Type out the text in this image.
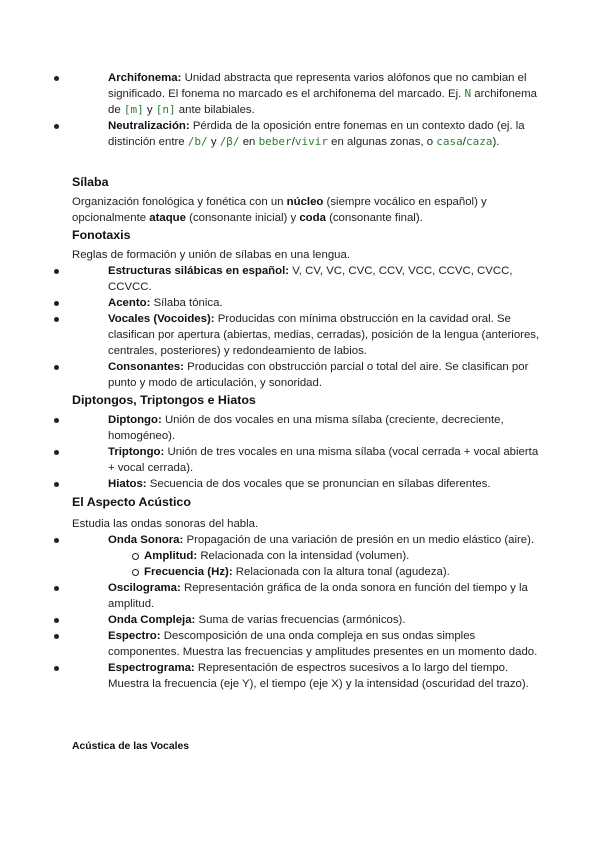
Archifonema: Unidad abstracta que representa varios alófonos que no cambian el significado. El fonema no marcado es el archifonema del marcado. Ej. N archifonema de [m] y [n] ante bilabiales.
Neutralización: Pérdida de la oposición entre fonemas en un contexto dado (ej. la distinción entre /b/ y /β/ en beber/vivir en algunas zonas, o casa/caza).
Sílaba
Organización fonológica y fonética con un núcleo (siempre vocálico en español) y opcionalmente ataque (consonante inicial) y coda (consonante final).
Fonotaxis
Reglas de formación y unión de sílabas en una lengua.
Estructuras silábicas en español: V, CV, VC, CVC, CCV, VCC, CCVC, CVCC, CCVCC.
Acento: Sílaba tónica.
Vocales (Vocoides): Producidas con mínima obstrucción en la cavidad oral. Se clasifican por apertura (abiertas, medias, cerradas), posición de la lengua (anteriores, centrales, posteriores) y redondeamiento de labios.
Consonantes: Producidas con obstrucción parcial o total del aire. Se clasifican por punto y modo de articulación, y sonoridad.
Diptongos, Triptongos e Hiatos
Diptongo: Unión de dos vocales en una misma sílaba (creciente, decreciente, homogéneo).
Triptongo: Unión de tres vocales en una misma sílaba (vocal cerrada + vocal abierta + vocal cerrada).
Hiatos: Secuencia de dos vocales que se pronuncian en sílabas diferentes.
El Aspecto Acústico
Estudia las ondas sonoras del habla.
Onda Sonora: Propagación de una variación de presión en un medio elástico (aire).
Amplitud: Relacionada con la intensidad (volumen).
Frecuencia (Hz): Relacionada con la altura tonal (agudeza).
Oscilograma: Representación gráfica de la onda sonora en función del tiempo y la amplitud.
Onda Compleja: Suma de varias frecuencias (armónicos).
Espectro: Descomposición de una onda compleja en sus ondas simples componentes. Muestra las frecuencias y amplitudes presentes en un momento dado.
Espectrograma: Representación de espectros sucesivos a lo largo del tiempo. Muestra la frecuencia (eje Y), el tiempo (eje X) y la intensidad (oscuridad del trazo).
Acústica de las Vocales
